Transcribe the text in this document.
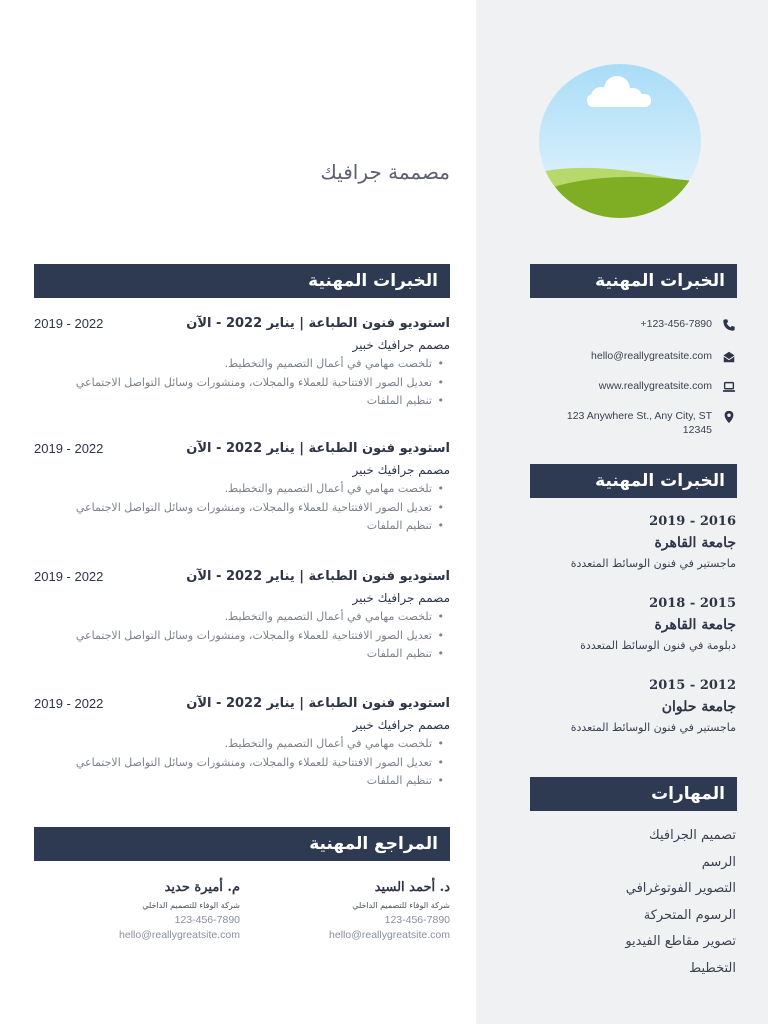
مصممة جرافيك
الخبرات المهنية
+123-456-7890
hello@reallygreatsite.com
www.reallygreatsite.com
123 Anywhere St., Any City, ST 12345
الخبرات المهنية
2016 - 2019
جامعة القاهرة
ماجستير في فنون الوسائط المتعددة
2015 - 2018
جامعة القاهرة
دبلومة في فنون الوسائط المتعددة
2012 - 2015
جامعة حلوان
ماجستير في فنون الوسائط المتعددة
المهارات
تصميم الجرافيك
الرسم
التصوير الفوتوغرافي
الرسوم المتحركة
تصوير مقاطع الفيديو
التخطيط
الخبرات المهنية
استوديو فنون الطباعة | يناير 2022 - الآن
2019 - 2022
مصمم جرافيك خبير
• تلخصت مهامي في أعمال التصميم والتخطيط.
• تعديل الصور الافتتاحية للعملاء والمجلات، ومنشورات وسائل التواصل الاجتماعي
• تنظيم الملفات
استوديو فنون الطباعة | يناير 2022 - الآن
2019 - 2022
مصمم جرافيك خبير
• تلخصت مهامي في أعمال التصميم والتخطيط.
• تعديل الصور الافتتاحية للعملاء والمجلات، ومنشورات وسائل التواصل الاجتماعي
• تنظيم الملفات
استوديو فنون الطباعة | يناير 2022 - الآن
2019 - 2022
مصمم جرافيك خبير
• تلخصت مهامي في أعمال التصميم والتخطيط.
• تعديل الصور الافتتاحية للعملاء والمجلات، ومنشورات وسائل التواصل الاجتماعي
• تنظيم الملفات
استوديو فنون الطباعة | يناير 2022 - الآن
2019 - 2022
مصمم جرافيك خبير
• تلخصت مهامي في أعمال التصميم والتخطيط.
• تعديل الصور الافتتاحية للعملاء والمجلات، ومنشورات وسائل التواصل الاجتماعي
• تنظيم الملفات
المراجع المهنية
د. أحمد السيد
شركة الوفاء للتصميم الداخلي
123-456-7890
hello@reallygreatsite.com
م. أميرة حديد
شركة الوفاء للتصميم الداخلي
123-456-7890
hello@reallygreatsite.com
